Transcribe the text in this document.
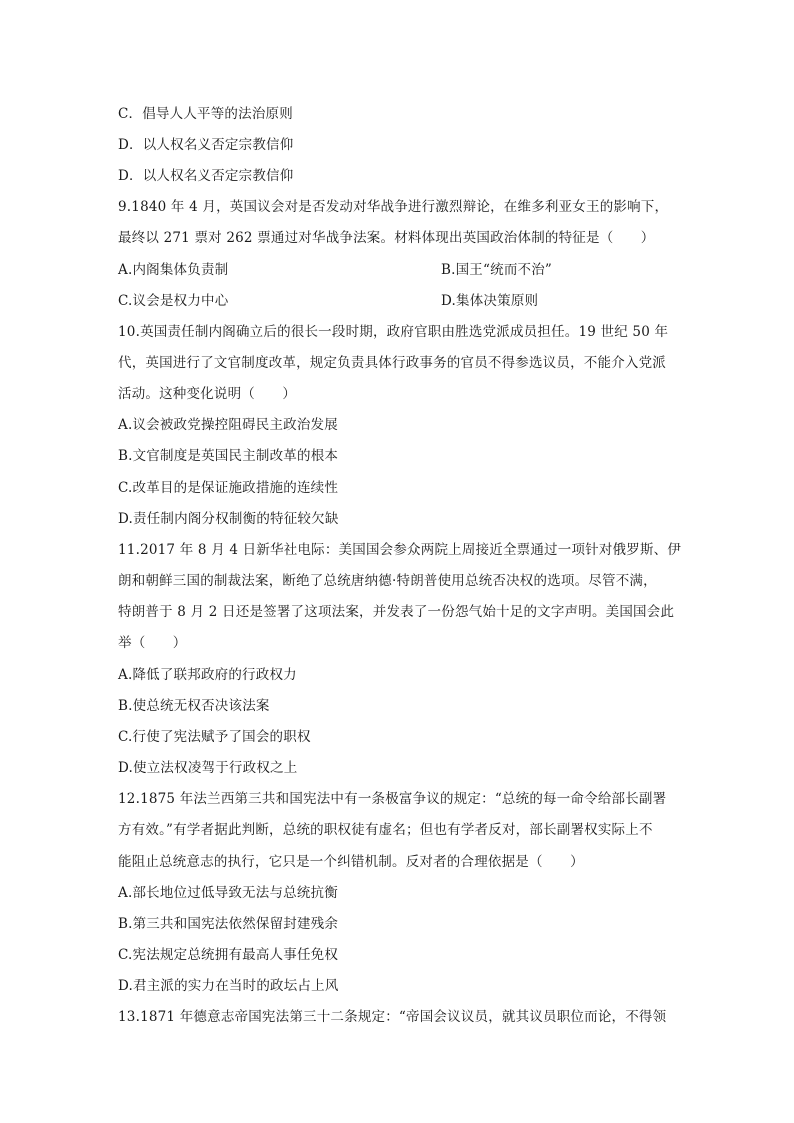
C．倡导人人平等的法治原则
D．以人权名义否定宗教信仰
D．以人权名义否定宗教信仰
9.1840 年 4 月，英国议会对是否发动对华战争进行激烈辩论，在维多利亚女王的影响下，
最终以 271 票对 262 票通过对华战争法案。材料体现出英国政治体制的特征是（　　）
A.内阁集体负责制	B.国王“统而不治”
C.议会是权力中心	D.集体决策原则
10.英国责任制内阁确立后的很长一段时期，政府官职由胜选党派成员担任。19 世纪 50 年
代，英国进行了文官制度改革，规定负责具体行政事务的官员不得参选议员，不能介入党派
活动。这种变化说明（　　）
A.议会被政党操控阻碍民主政治发展
B.文官制度是英国民主制改革的根本
C.改革目的是保证施政措施的连续性
D.责任制内阁分权制衡的特征较欠缺
11.2017 年 8 月 4 日新华社电际：美国国会参众两院上周接近全票通过一项针对俄罗斯、伊
朗和朝鲜三国的制裁法案，断绝了总统唐纳德·特朗普使用总统否决权的选项。尽管不满，
特朗普于 8 月 2 日还是签署了这项法案，并发表了一份怨气始十足的文字声明。美国国会此
举（　　）
A.降低了联邦政府的行政权力
B.使总统无权否决该法案
C.行使了宪法赋予了国会的职权
D.使立法权凌驾于行政权之上
12.1875 年法兰西第三共和国宪法中有一条极富争议的规定：“总统的每一命令给部长副署
方有效。”有学者据此判断，总统的职权徒有虚名；但也有学者反对，部长副署权实际上不
能阻止总统意志的执行，它只是一个纠错机制。反对者的合理依据是（　　）
A.部长地位过低导致无法与总统抗衡
B.第三共和国宪法依然保留封建残余
C.宪法规定总统拥有最高人事任免权
D.君主派的实力在当时的政坛占上风
13.1871 年德意志帝国宪法第三十二条规定：“帝国会议议员，就其议员职位而论，不得领
